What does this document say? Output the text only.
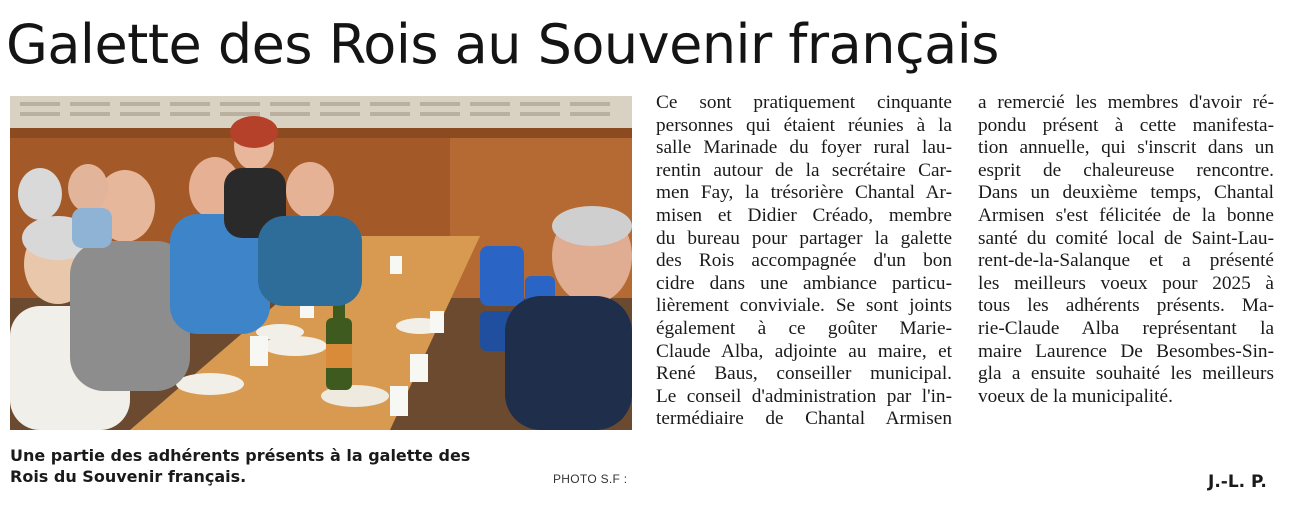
Galette des Rois au Souvenir français
Une partie des adhérents présents à la galette des Rois du Souvenir français.	PHOTO S.F :
Ce sont pratiquement cinquante
personnes qui étaient réunies à la
salle Marinade du foyer rural lau-
rentin autour de la secrétaire Car-
men Fay, la trésorière Chantal Ar-
misen et Didier Créado, membre
du bureau pour partager la galette
des Rois accompagnée d'un bon
cidre dans une ambiance particu-
lièrement conviviale. Se sont joints
également à ce goûter Marie-
Claude Alba, adjointe au maire, et
René Baus, conseiller municipal.
Le conseil d'administration par l'in-
termédiaire de Chantal Armisen
a remercié les membres d'avoir ré-
pondu présent à cette manifesta-
tion annuelle, qui s'inscrit dans un
esprit de chaleureuse rencontre.
Dans un deuxième temps, Chantal
Armisen s'est félicitée de la bonne
santé du comité local de Saint-Lau-
rent-de-la-Salanque et a présenté
les meilleurs voeux pour 2025 à
tous les adhérents présents. Ma-
rie-Claude Alba représentant la
maire Laurence De Besombes-Sin-
gla a ensuite souhaité les meilleurs
voeux de la municipalité.
J.-L. P.
